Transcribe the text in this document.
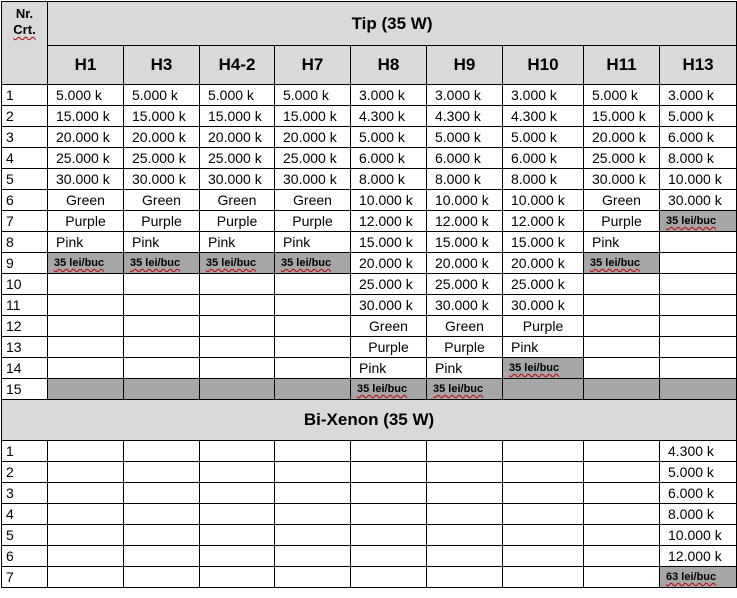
Nr.
Crt.	Tip (35 W)								
	H1	H3	H4-2	H7	H8	H9	H10	H11	H13
1	5.000 k	5.000 k	5.000 k	5.000 k	3.000 k	3.000 k	3.000 k	5.000 k	3.000 k
2	15.000 k	15.000 k	15.000 k	15.000 k	4.300 k	4.300 k	4.300 k	15.000 k	5.000 k
3	20.000 k	20.000 k	20.000 k	20.000 k	5.000 k	5.000 k	5.000 k	20.000 k	6.000 k
4	25.000 k	25.000 k	25.000 k	25.000 k	6.000 k	6.000 k	6.000 k	25.000 k	8.000 k
5	30.000 k	30.000 k	30.000 k	30.000 k	8.000 k	8.000 k	8.000 k	30.000 k	10.000 k
6	Green	Green	Green	Green	10.000 k	10.000 k	10.000 k	Green	30.000 k
7	Purple	Purple	Purple	Purple	12.000 k	12.000 k	12.000 k	Purple	35 lei/buc
8	Pink	Pink	Pink	Pink	15.000 k	15.000 k	15.000 k	Pink	
9	35 lei/buc	35 lei/buc	35 lei/buc	35 lei/buc	20.000 k	20.000 k	20.000 k	35 lei/buc	
10					25.000 k	25.000 k	25.000 k		
11					30.000 k	30.000 k	30.000 k		
12					Green	Green	Purple		
13					Purple	Purple	Pink		
14					Pink	Pink	35 lei/buc		
15					35 lei/buc	35 lei/buc			
Bi-Xenon (35 W)									
1									4.300 k
2									5.000 k
3									6.000 k
4									8.000 k
5									10.000 k
6									12.000 k
7									63 lei/buc
